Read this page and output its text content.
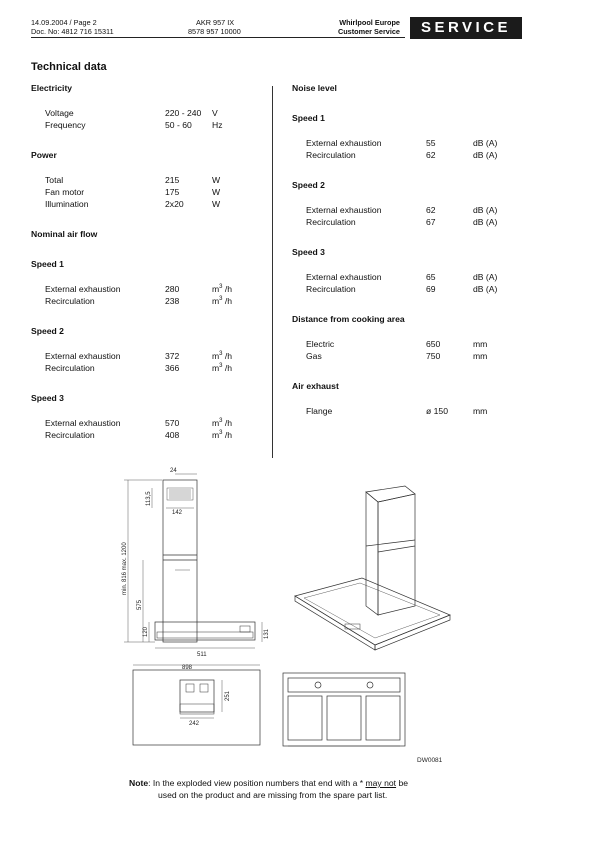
14.09.2004 / Page 2
Doc. No: 4812 716 15311
AKR 957 IX
8578 957 10000
Whirlpool Europe
Customer Service	SERVICE
Technical data
Electricity
Voltage	220 - 240 V
Frequency	50 - 60 Hz
Power
Total	215	W
Fan motor	175	W
Illumination	2x20	W
Nominal air flow
Speed 1
External exhaustion	280	$m^3$ /h
Recirculation	238	$m^3$ /h
Speed 2
External exhaustion	372	$m^3$ /h
Recirculation	366	$m^3$ /h
Speed 3
External exhaustion	570	$m^3$ /h
Recirculation	408	$m^3$ /h
Noise level
Speed 1
External exhaustion	55	dB (A)
Recirculation	62	dB (A)
Speed 2
External exhaustion	62	dB (A)
Recirculation	67	dB (A)
Speed 3
External exhaustion	65	dB (A)
Recirculation	69	dB (A)
Distance from cooking area
Electric	650	mm
Gas	750	mm
Air exhaust
Flange	ø 150	mm
24
142
113,5
min. 816 max. 1200
575
120	131
511
898
251
242
DW0081
Note: In the exploded view position numbers that end with a * may not be
used on the product and are missing from the spare part list.
